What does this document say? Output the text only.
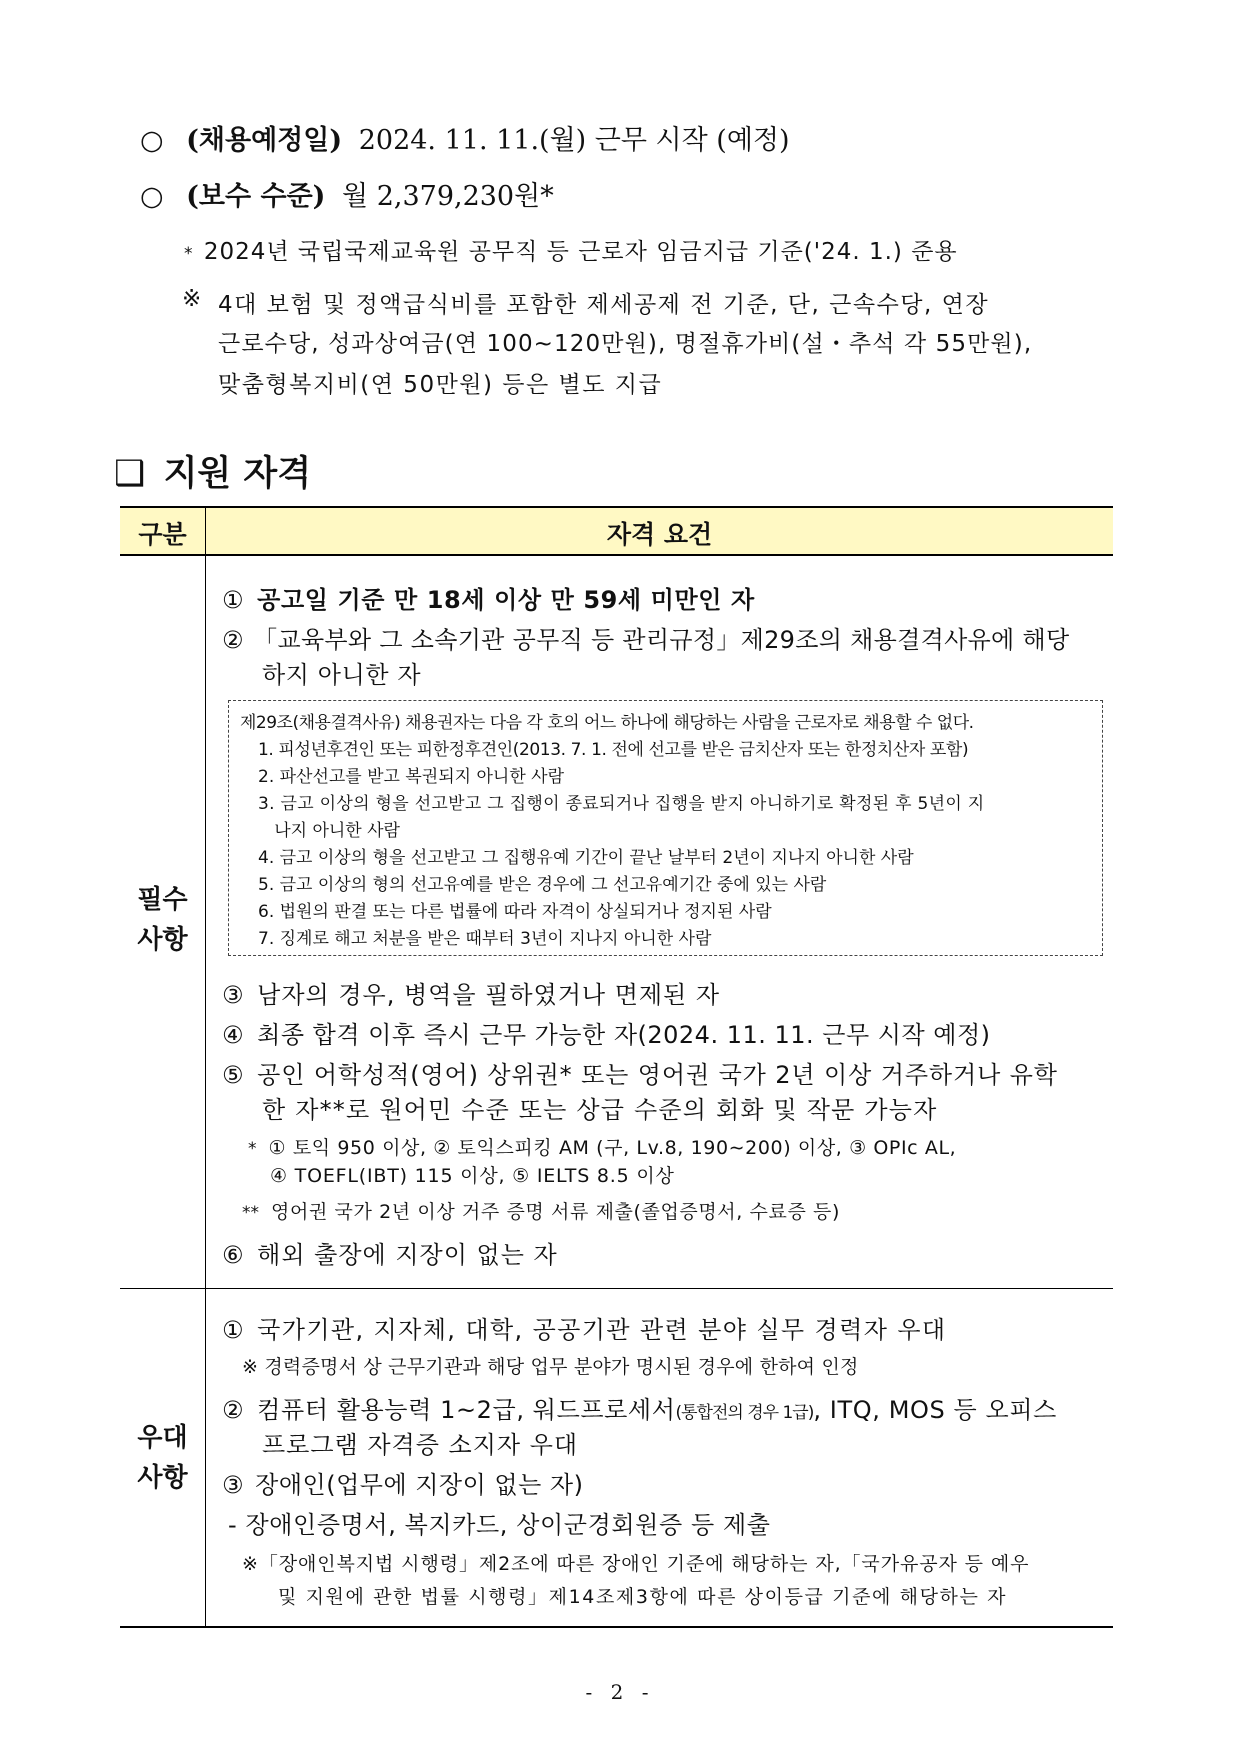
○ (채용예정일) 2024. 11. 11.(월) 근무 시작 (예정)
○ (보수 수준) 월 2,379,230원*
* 2024년 국립국제교육원 공무직 등 근로자 임금지급 기준('24. 1.) 준용
※ 4대 보험 및 정액급식비를 포함한 제세공제 전 기준, 단, 근속수당, 연장
근로수당, 성과상여금(연 100∼120만원), 명절휴가비(설・추석 각 55만원),
맞춤형복지비(연 50만원) 등은 별도 지급
❑ 지원 자격
구분	자격 요건
필수
사항
① 공고일 기준 만 18세 이상 만 59세 미만인 자
② 「교육부와 그 소속기관 공무직 등 관리규정」제29조의 채용결격사유에 해당
하지 아니한 자
제29조(채용결격사유) 채용권자는 다음 각 호의 어느 하나에 해당하는 사람을 근로자로 채용할 수 없다.
1. 피성년후견인 또는 피한정후견인(2013. 7. 1. 전에 선고를 받은 금치산자 또는 한정치산자 포함)
2. 파산선고를 받고 복권되지 아니한 사람
3. 금고 이상의 형을 선고받고 그 집행이 종료되거나 집행을 받지 아니하기로 확정된 후 5년이 지
나지 아니한 사람
4. 금고 이상의 형을 선고받고 그 집행유예 기간이 끝난 날부터 2년이 지나지 아니한 사람
5. 금고 이상의 형의 선고유예를 받은 경우에 그 선고유예기간 중에 있는 사람
6. 법원의 판결 또는 다른 법률에 따라 자격이 상실되거나 정지된 사람
7. 징계로 해고 처분을 받은 때부터 3년이 지나지 아니한 사람
③ 남자의 경우, 병역을 필하였거나 면제된 자
④ 최종 합격 이후 즉시 근무 가능한 자(2024. 11. 11. 근무 시작 예정)
⑤ 공인 어학성적(영어) 상위권* 또는 영어권 국가 2년 이상 거주하거나 유학
한 자**로 원어민 수준 또는 상급 수준의 회화 및 작문 가능자
* ① 토익 950 이상, ② 토익스피킹 AM (구, Lv.8, 190∼200) 이상, ③ OPIc AL,
④ TOEFL(IBT) 115 이상, ⑤ IELTS 8.5 이상
** 영어권 국가 2년 이상 거주 증명 서류 제출(졸업증명서, 수료증 등)
⑥ 해외 출장에 지장이 없는 자
우대
사항
① 국가기관, 지자체, 대학, 공공기관 관련 분야 실무 경력자 우대
※ 경력증명서 상 근무기관과 해당 업무 분야가 명시된 경우에 한하여 인정
② 컴퓨터 활용능력 1~2급, 워드프로세서(통합전의 경우 1급), ITQ, MOS 등 오피스
프로그램 자격증 소지자 우대
③ 장애인(업무에 지장이 없는 자)
- 장애인증명서, 복지카드, 상이군경회원증 등 제출
※「장애인복지법 시행령」제2조에 따른 장애인 기준에 해당하는 자,「국가유공자 등 예우
및 지원에 관한 법률 시행령」제14조제3항에 따른 상이등급 기준에 해당하는 자
- 2 -
